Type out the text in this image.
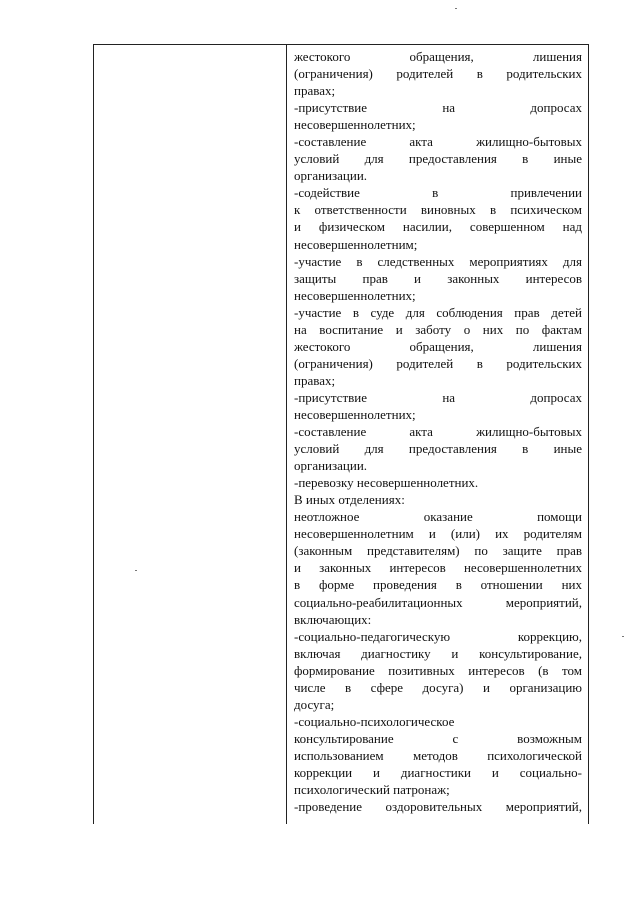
жестокого обращения, лишения
(ограничения) родителей в родительских
правах;
-присутствие на допросах
несовершеннолетних;
-составление акта жилищно-бытовых
условий для предоставления в иные
организации.
-содействие в привлечении
к ответственности виновных в психическом
и физическом насилии, совершенном над
несовершеннолетним;
-участие в следственных мероприятиях для
защиты прав и законных интересов
несовершеннолетних;
-участие в суде для соблюдения прав детей
на воспитание и заботу о них по фактам
жестокого обращения, лишения
(ограничения) родителей в родительских
правах;
-присутствие на допросах
несовершеннолетних;
-составление акта жилищно-бытовых
условий для предоставления в иные
организации.
-перевозку несовершеннолетних.
В иных отделениях:
неотложное оказание помощи
несовершеннолетним и (или) их родителям
(законным представителям) по защите прав
и законных интересов несовершеннолетних
в форме проведения в отношении них
социально-реабилитационных мероприятий,
включающих:
-социально-педагогическую коррекцию,
включая диагностику и консультирование,
формирование позитивных интересов (в том
числе в сфере досуга) и организацию
досуга;
-социально-психологическое
консультирование с возможным
использованием методов психологической
коррекции и диагностики и социально-
психологический патронаж;
-проведение оздоровительных мероприятий,
